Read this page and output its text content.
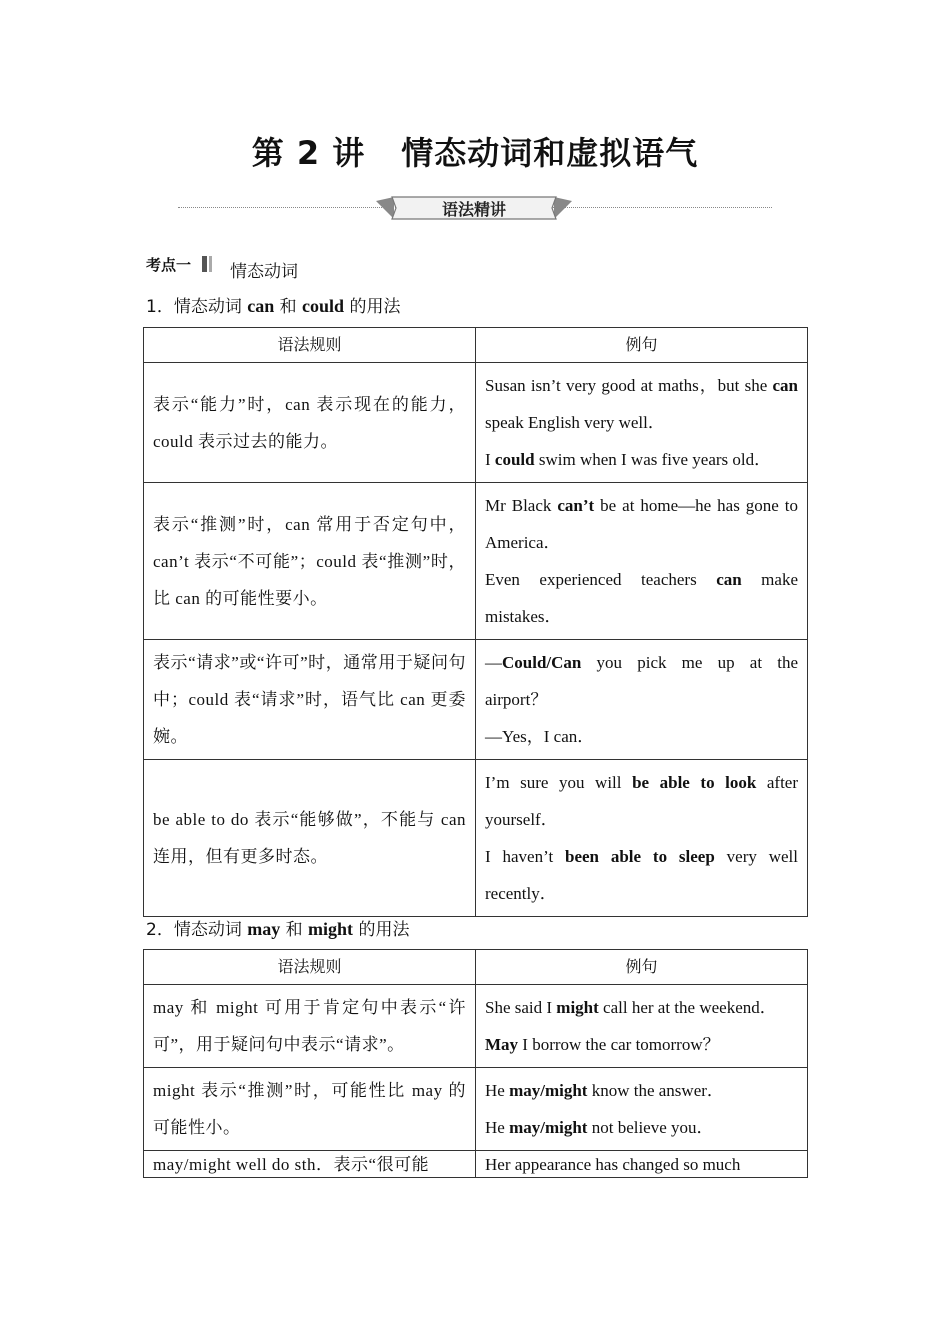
第 2 讲 情态动词和虚拟语气
语法精讲
考点一 情态动词
1．情态动词 can 和 could 的用法
语法规则	例句
表示“能力”时，can 表示现在的能力，could 表示过去的能力。	Susan isn’t very good at maths，but she can speak English very well．
I could swim when I was five years old．

表示“推测”时，can 常用于否定句中，can’t 表示“不可能”；could 表“推测”时，比 can 的可能性要小。	Mr Black can’t be at home—he has gone to America．
Even experienced teachers can make mistakes．

表示“请求”或“许可”时，通常用于疑问句中；could 表“请求”时，语气比 can 更委婉。	—Could/Can you pick me up at the airport？
—Yes，I can．

be able to do 表示“能够做”，不能与 can 连用，但有更多时态。	I’m sure you will be able to look after yourself．
I haven’t been able to sleep very well recently．
2．情态动词 may 和 might 的用法
语法规则	例句
may 和 might 可用于肯定句中表示“许可”，用于疑问句中表示“请求”。	She said I might call her at the weekend．
May I borrow the car tomorrow？

might 表示“推测”时，可能性比 may 的可能性小。	He may/might know the answer．
He may/might not believe you．

may/might well do sth．表示“很可能	Her appearance has changed so much
